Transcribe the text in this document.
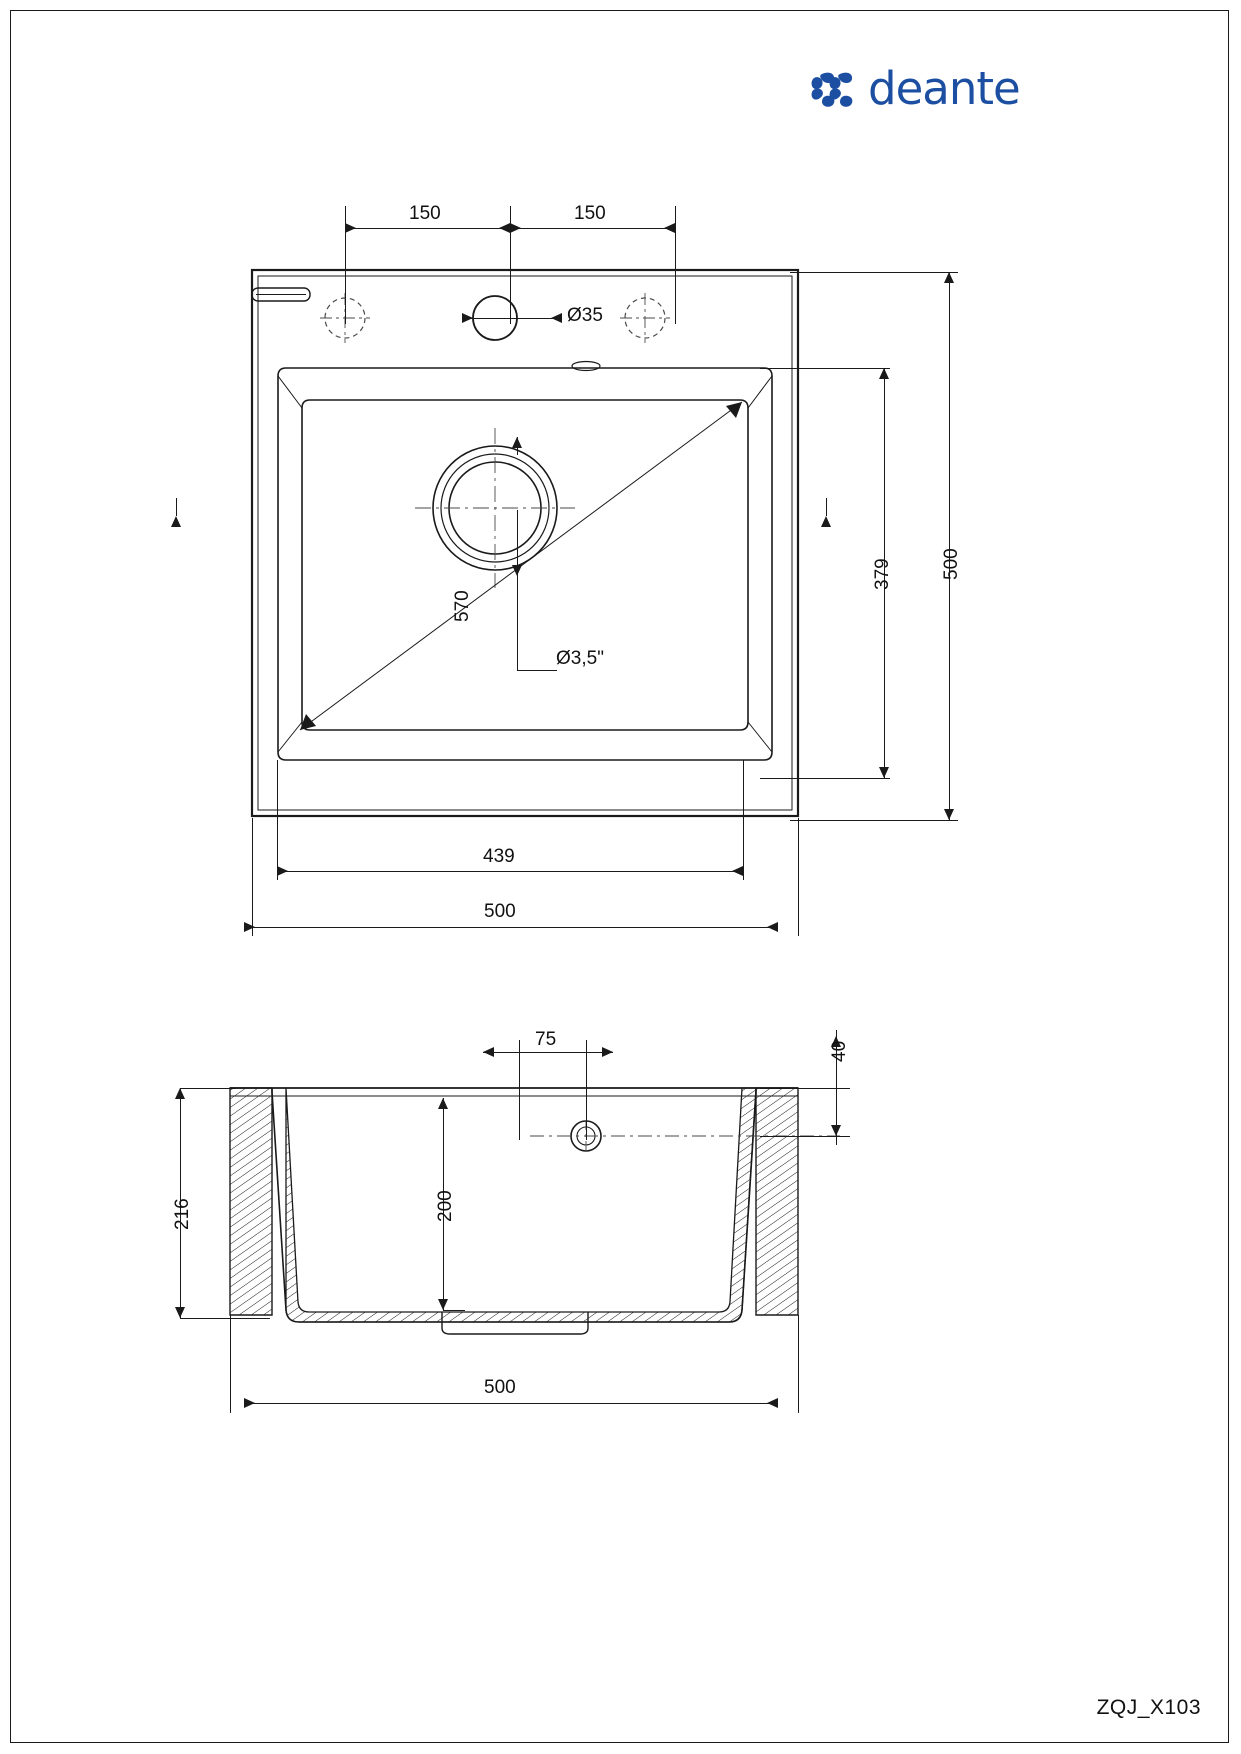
deante
150	150
Ø35
570
Ø3,5"
379	500
439
500
75
40
216	200
500
ZQJ_X103
